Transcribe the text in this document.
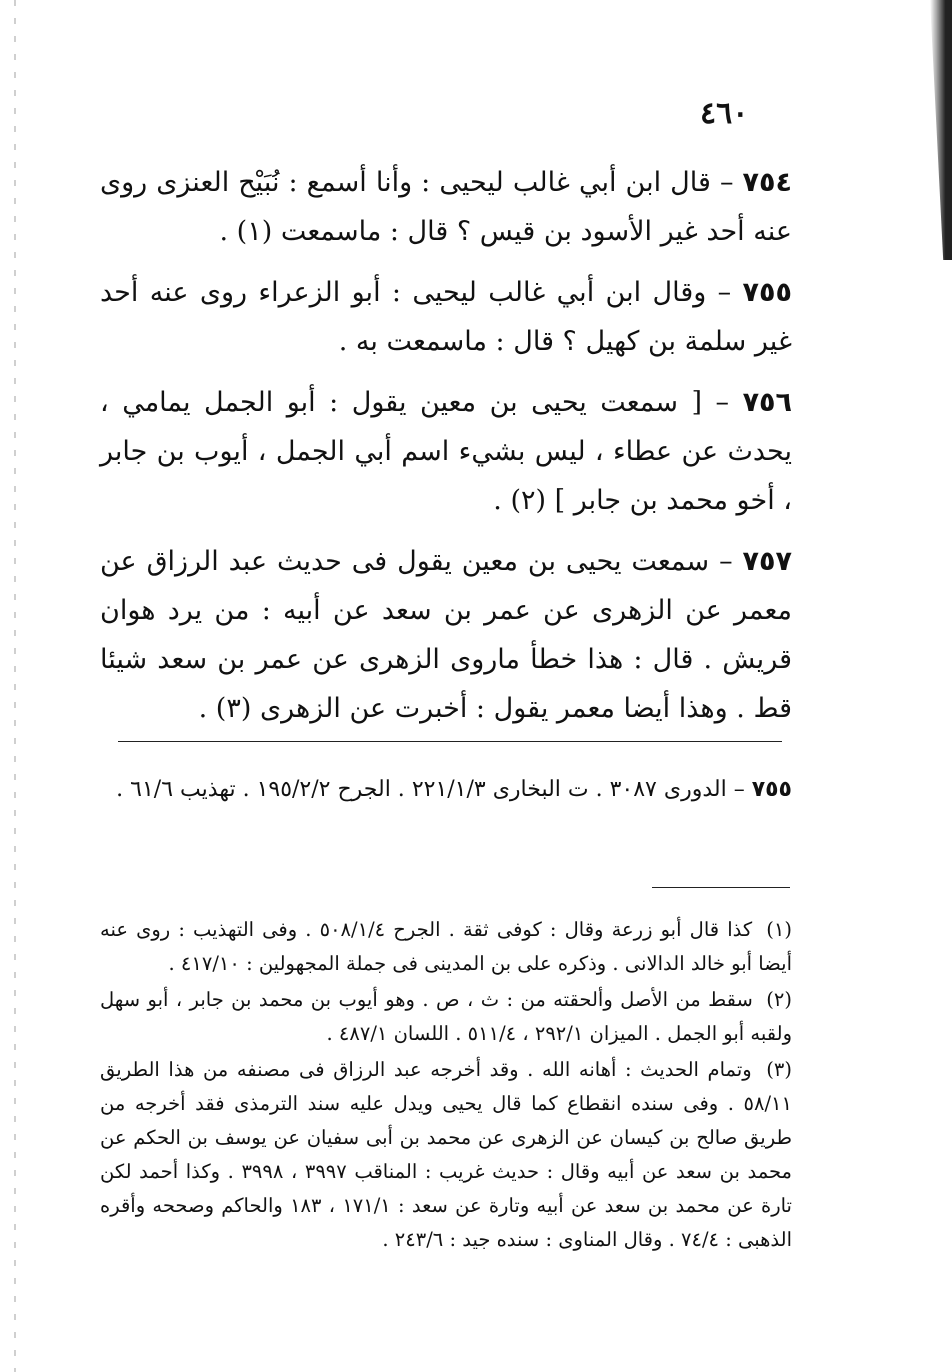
٤٦٠

٧٥٤ – قال ابن أبي غالب ليحيى : وأنا أسمع : نُبَيْح العنزى روى عنه أحد غير الأسود بن قيس ؟ قال : ماسمعت (١) .

٧٥٥ – وقال ابن أبي غالب ليحيى : أبو الزعراء روى عنه أحد غير سلمة بن كهيل ؟ قال : ماسمعت به .

٧٥٦ – [ سمعت يحيى بن معين يقول : أبو الجمل يمامي ، يحدث عن عطاء ، ليس بشيء اسم أبي الجمل ، أيوب بن جابر ، أخو محمد بن جابر ] (٢) .

٧٥٧ – سمعت يحيى بن معين يقول فى حديث عبد الرزاق عن معمر عن الزهرى عن عمر بن سعد عن أبيه : من يرد هوان قريش . قال : هذا خطأ ماروى الزهرى عن عمر بن سعد شيئا قط . وهذا أيضا معمر يقول : أخبرت عن الزهرى (٣) .

٧٥٥ – الدورى ٣٠٨٧ . ت البخارى ٢٢١/١/٣ . الجرح ١٩٥/٢/٢ . تهذيب ٦١/٦ .

(١) كذا قال أبو زرعة وقال : كوفى ثقة . الجرح ٥٠٨/١/٤ . وفى التهذيب : روى عنه أيضا أبو خالد الدالانى . وذكره على بن المدينى فى جملة المجهولين : ٤١٧/١٠ .

(٢) سقط من الأصل وألحقته من : ث ، ص . وهو أيوب بن محمد بن جابر ، أبو سهل ولقبه أبو الجمل . الميزان ٢٩٢/١ ، ٥١١/٤ . اللسان ٤٨٧/١ .

(٣) وتمام الحديث : أهانه الله . وقد أخرجه عبد الرزاق فى مصنفه من هذا الطريق ٥٨/١١ . وفى سنده انقطاع كما قال يحيى ويدل عليه سند الترمذى فقد أخرجه من طريق صالح بن كيسان عن الزهرى عن محمد بن أبى سفيان عن يوسف بن الحكم عن محمد بن سعد عن أبيه وقال : حديث غريب : المناقب ٣٩٩٧ ، ٣٩٩٨ . وكذا أحمد لكن تارة عن محمد بن سعد عن أبيه وتارة عن سعد : ١٧١/١ ، ١٨٣ والحاكم وصححه وأقره الذهبى : ٧٤/٤ . وقال المناوى : سنده جيد : ٢٤٣/٦ .
